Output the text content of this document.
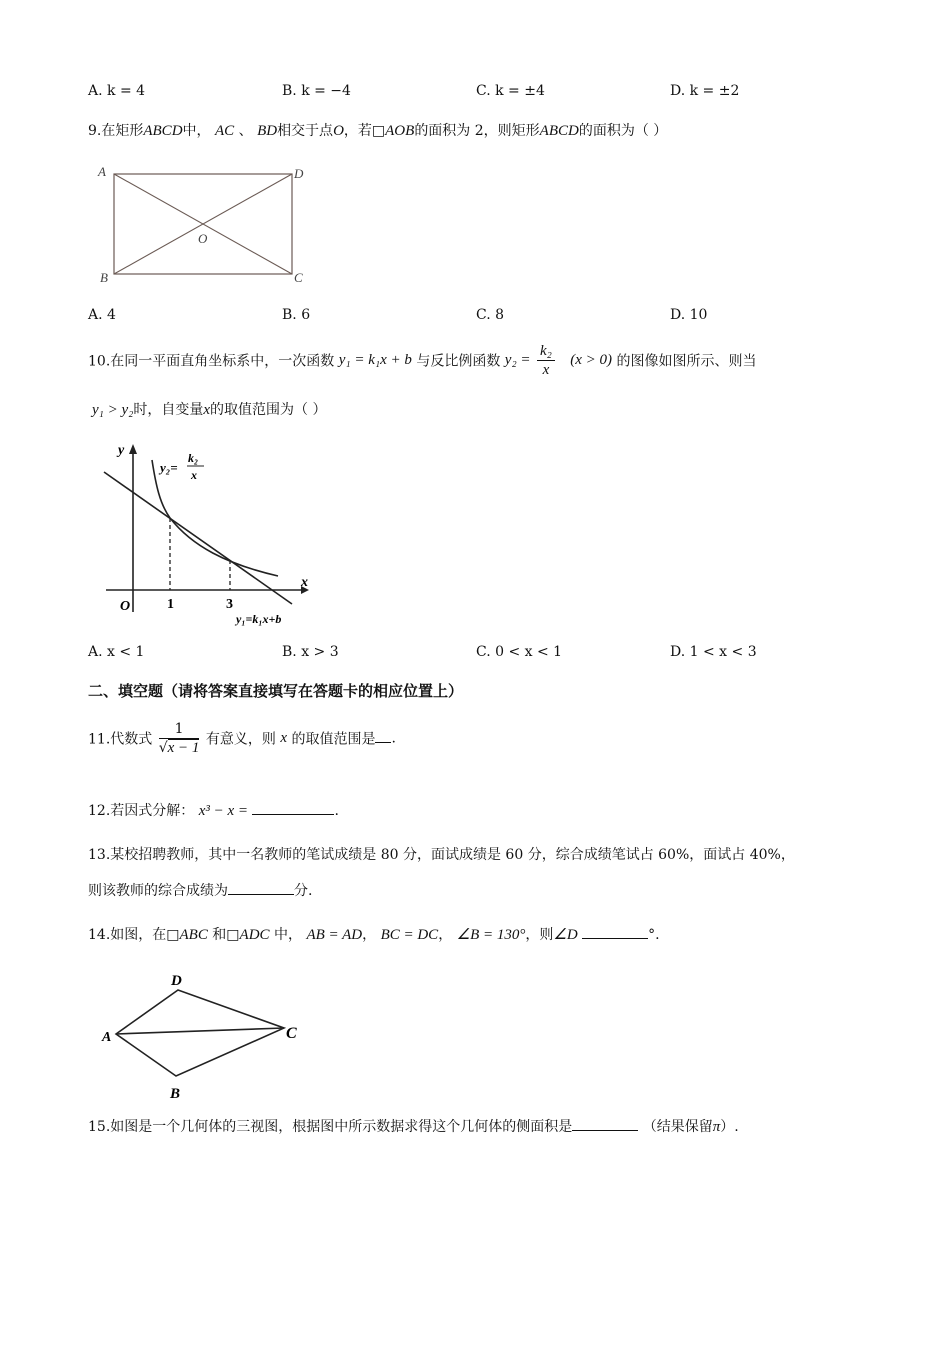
A. k = 4	B. k = −4	C. k = ±4	D. k = ±2
9.在矩形ABCD中， AC 、 BD相交于点O，若□AOB的面积为 2，则矩形ABCD的面积为（ ）
A	D
B	C
O
A. 4	B. 6	C. 8	D. 10
10.在同一平面直角坐标系中，一次函数 y₁ = k₁x + b 与反比例函数 $y_2 = \frac{\text{k₂}}{x} (x > 0)$ 的图像如图所示、则当
y₁ > y₂时，自变量x的取值范围为（ ）
y
x
O	1	3
y₂=
k₂
x
y₁=k₁x+b
A. x < 1	B. x > 3	C. 0 < x < 1	D. 1 < x < 3
二、填空题（请将答案直接填写在答题卡的相应位置上）
11.代数式 $\frac{1}{√x - 1}$ 有意义，则 x 的取值范围是 .
12.若因式分解： x³ − x =	.
13.某校招聘教师，其中一名教师的笔试成绩是 80 分，面试成绩是 60 分，综合成绩笔试占 60%，面试占 40%，
则该教师的综合成绩为	分.
14.如图，在□ABC 和□ADC 中， AB = AD， BC = DC， ∠B = 130°，则∠D	°.
A
D
C
B
15.如图是一个几何体的三视图，根据图中所示数据求得这个几何体的侧面积是	（结果保留π）.
